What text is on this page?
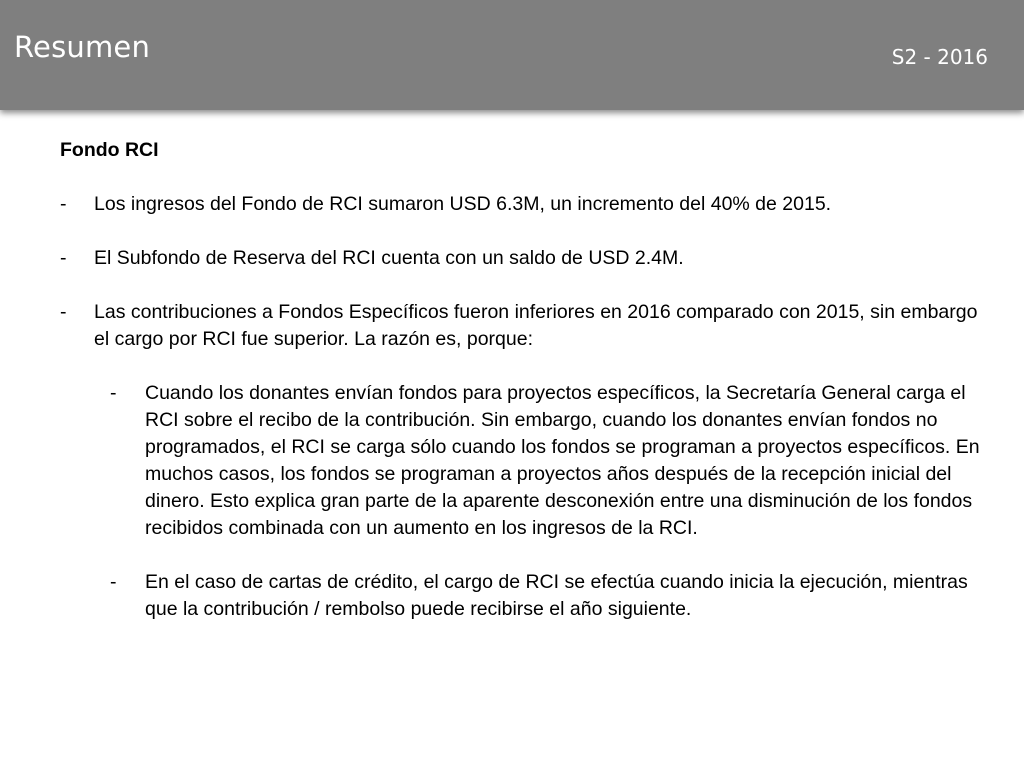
Resumen	S2 - 2016
Fondo RCI
- Los ingresos del Fondo de RCI sumaron USD 6.3M, un incremento del 40% de 2015.
- El Subfondo de Reserva del RCI cuenta con un saldo de USD 2.4M.
- Las contribuciones a Fondos Específicos fueron inferiores en 2016 comparado con 2015, sin embargo el cargo por RCI fue superior. La razón es, porque:
- Cuando los donantes envían fondos para proyectos específicos, la Secretaría General carga el RCI sobre el recibo de la contribución. Sin embargo, cuando los donantes envían fondos no programados, el RCI se carga sólo cuando los fondos se programan a proyectos específicos. En muchos casos, los fondos se programan a proyectos años después de la recepción inicial del dinero. Esto explica gran parte de la aparente desconexión entre una disminución de los fondos recibidos combinada con un aumento en los ingresos de la RCI.
- En el caso de cartas de crédito, el cargo de RCI se efectúa cuando inicia la ejecución, mientras que la contribución / rembolso puede recibirse el año siguiente.
